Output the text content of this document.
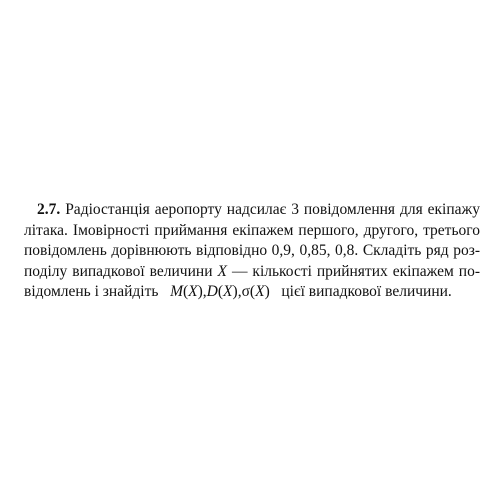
2.7. Радіостанція аеропорту надсилає 3 повідомлення для екіпажу
літака. Імовірності приймання екіпажем першого, другого, третього
повідомлень дорівнюють відповідно 0,9, 0,85, 0,8. Складіть ряд роз-
поділу випадкової величини X — кількості прийнятих екіпажем по-
відомлень і знайдіть M(X),D(X),σ(X) цієї випадкової величини.
